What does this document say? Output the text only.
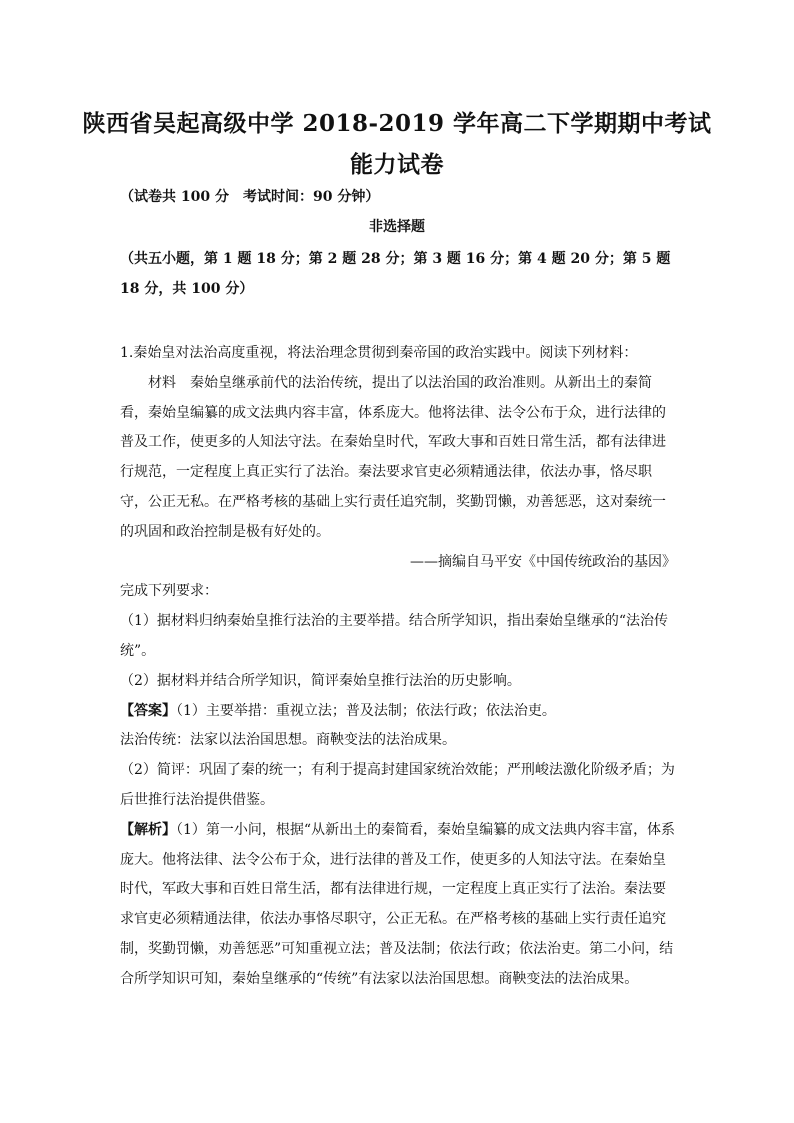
陕西省吴起高级中学 2018-2019 学年高二下学期期中考试
能力试卷
（试卷共 100 分　考试时间：90 分钟）
非选择题
（共五小题，第 1 题 18 分；第 2 题 28 分；第 3 题 16 分；第 4 题 20 分；第 5 题 18 分，共 100 分）

1.秦始皇对法治高度重视，将法治理念贯彻到秦帝国的政治实践中。阅读下列材料：

材料　秦始皇继承前代的法治传统，提出了以法治国的政治准则。从新出土的秦简看，秦始皇编纂的成文法典内容丰富，体系庞大。他将法律、法令公布于众，进行法律的普及工作，使更多的人知法守法。在秦始皇时代，军政大事和百姓日常生活，都有法律进行规范，一定程度上真正实行了法治。秦法要求官吏必须精通法律，依法办事，恪尽职守，公正无私。在严格考核的基础上实行责任追究制，奖勤罚懒，劝善惩恶，这对秦统一的巩固和政治控制是极有好处的。

——摘编自马平安《中国传统政治的基因》

完成下列要求：

（1）据材料归纳秦始皇推行法治的主要举措。结合所学知识，指出秦始皇继承的“法治传统”。

（2）据材料并结合所学知识，简评秦始皇推行法治的历史影响。

【答案】（1）主要举措：重视立法；普及法制；依法行政；依法治吏。

法治传统：法家以法治国思想。商鞅变法的法治成果。

（2）简评：巩固了秦的统一；有利于提高封建国家统治效能；严刑峻法激化阶级矛盾；为后世推行法治提供借鉴。

【解析】（1）第一小问，根据“从新出土的秦简看，秦始皇编纂的成文法典内容丰富，体系庞大。他将法律、法令公布于众，进行法律的普及工作，使更多的人知法守法。在秦始皇时代，军政大事和百姓日常生活，都有法律进行规，一定程度上真正实行了法治。秦法要求官吏必须精通法律，依法办事恪尽职守，公正无私。在严格考核的基础上实行责任追究制，奖勤罚懒，劝善惩恶”可知重视立法；普及法制；依法行政；依法治吏。第二小问，结合所学知识可知，秦始皇继承的“传统”有法家以法治国思想。商鞅变法的法治成果。
